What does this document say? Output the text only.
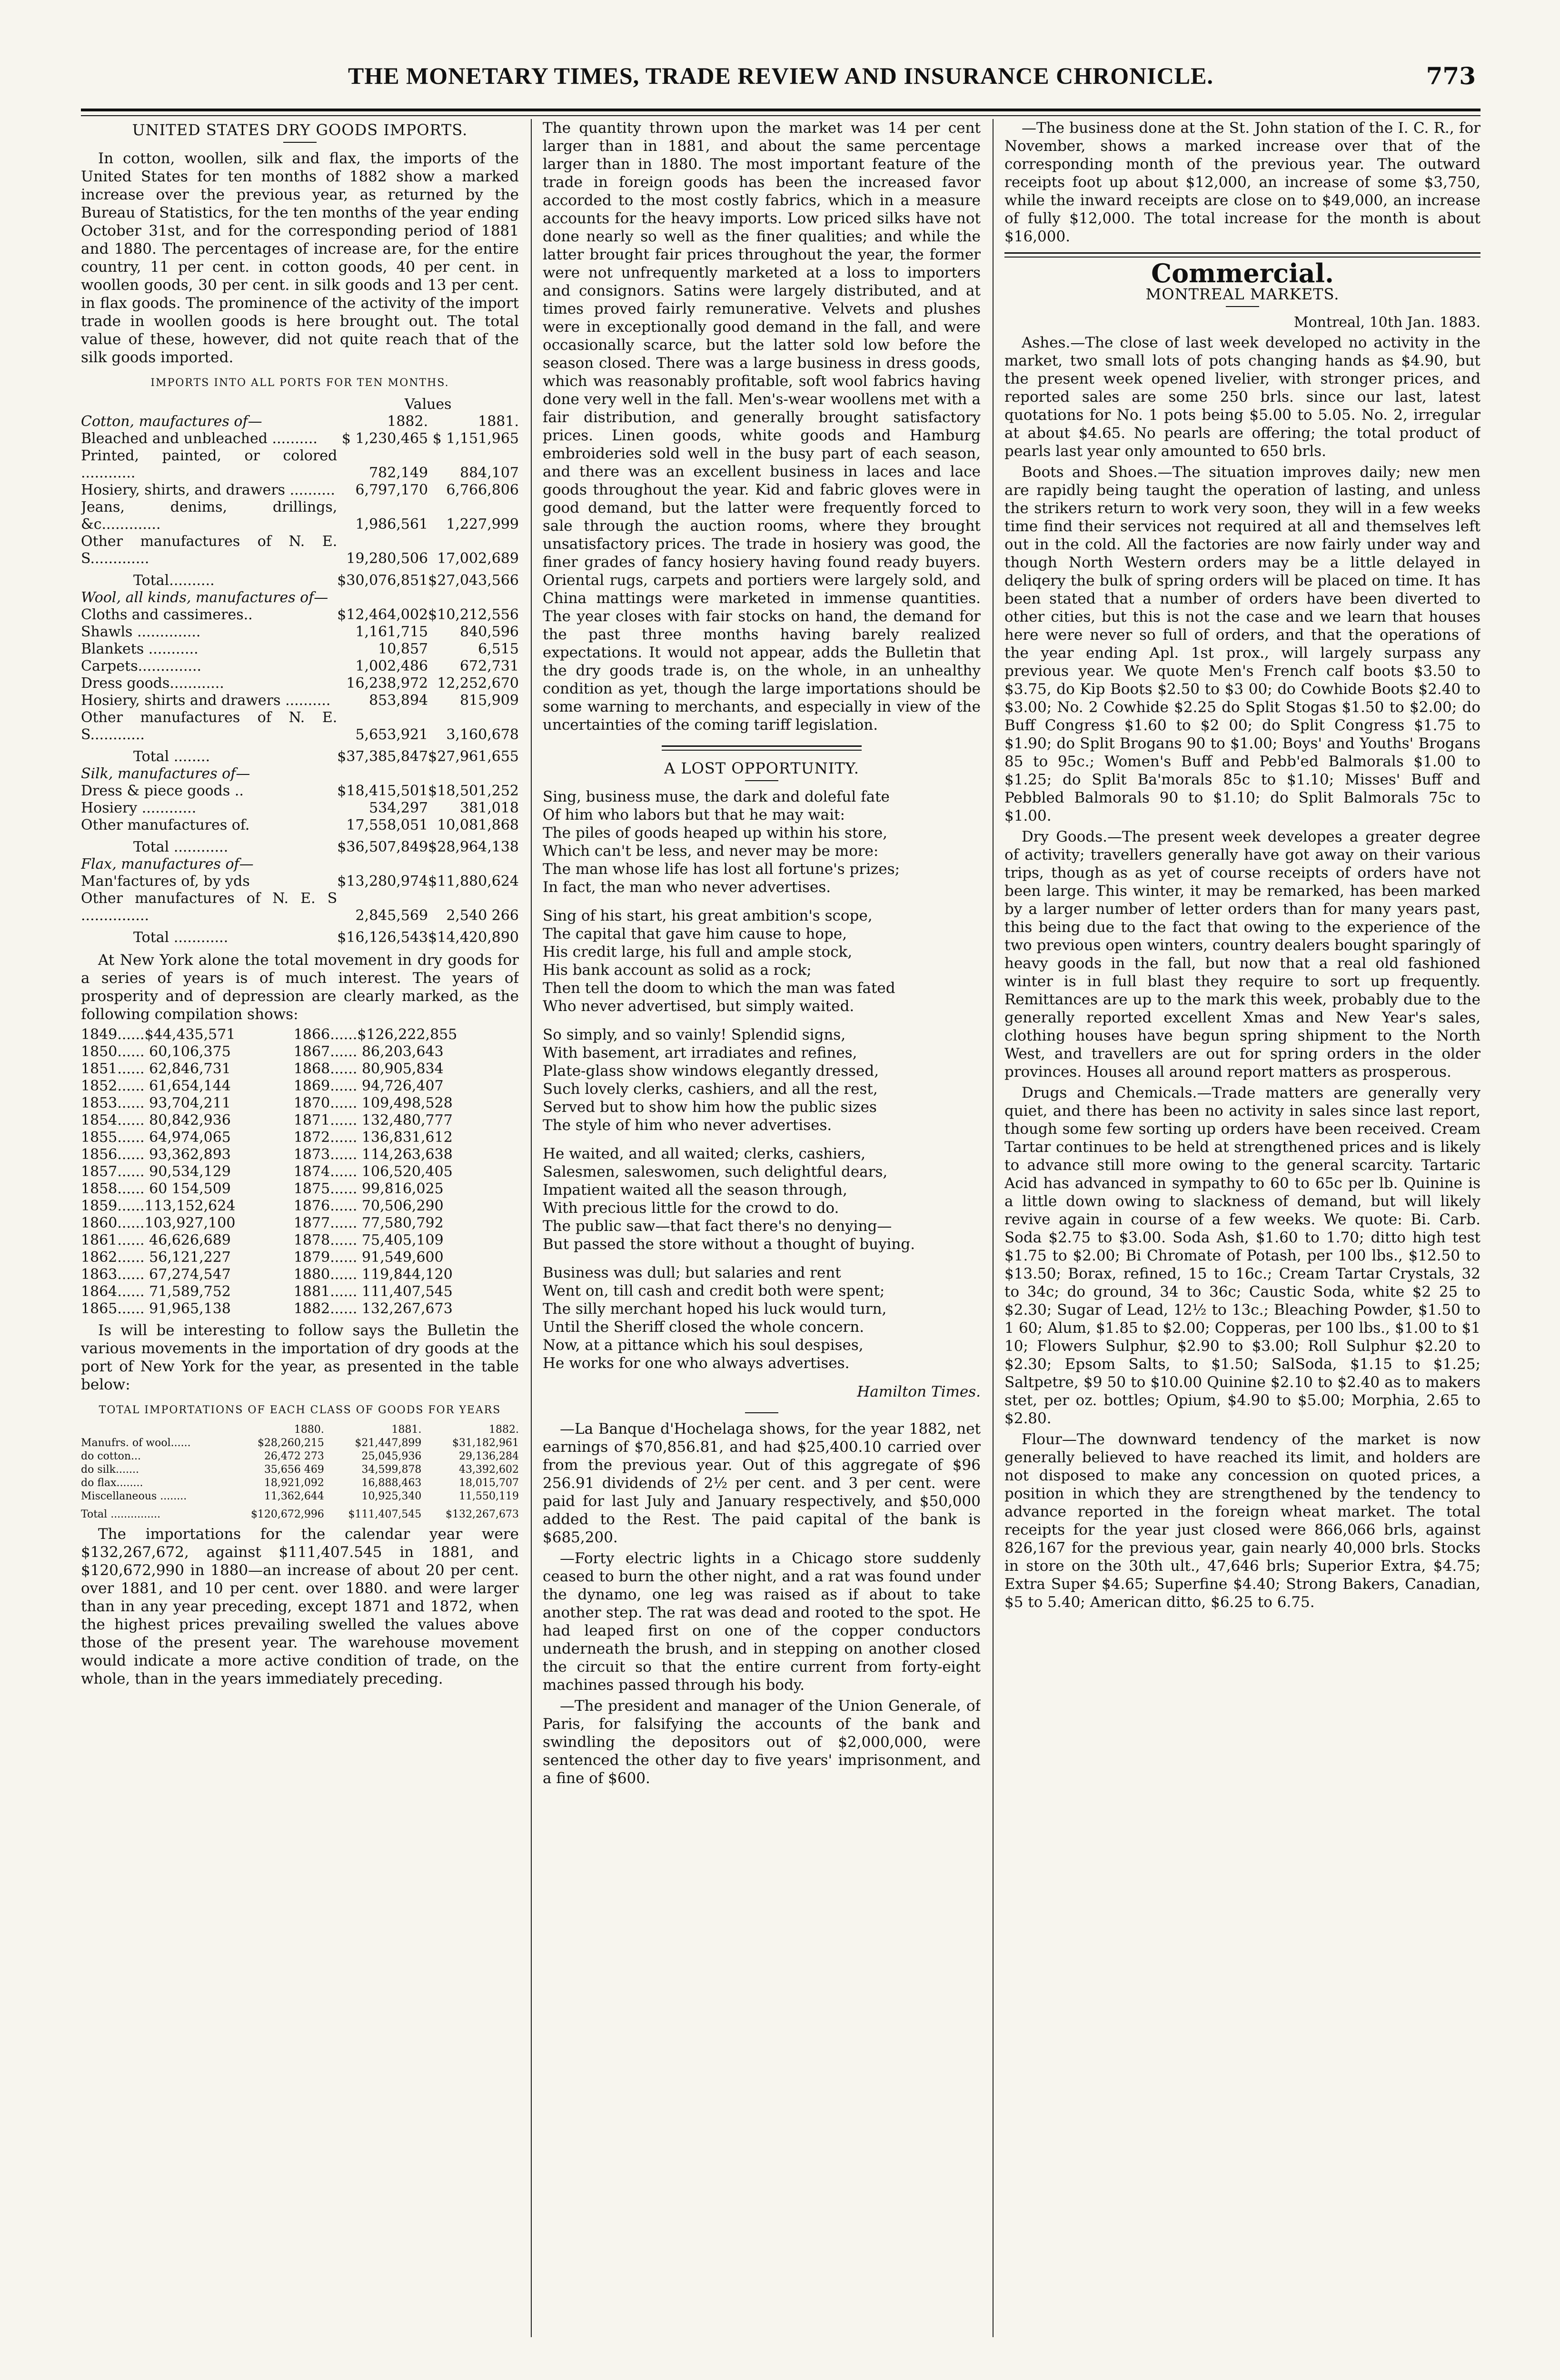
THE MONETARY TIMES, TRADE REVIEW AND INSURANCE CHRONICLE.	773
UNITED STATES DRY GOODS IMPORTS.

In cotton, woollen, silk and flax, the imports of the United States for ten months of 1882 show a marked increase over the previous year, as returned by the Bureau of Statistics, for the ten months of the year ending October 31st, and for the corresponding period of 1881 and 1880. The percentages of increase are, for the entire country, 11 per cent. in cotton goods, 40 per cent. in woollen goods, 30 per cent. in silk goods and 13 per cent. in flax goods. The prominence of the activity of the import trade in woollen goods is here brought out. The total value of these, however, did not quite reach that of the silk goods imported.

IMPORTS INTO ALL PORTS FOR TEN MONTHS.
	Values	
Cotton, maufactures of—	1882.	1881.
Bleached and unbleached ..........	$ 1,230,465	$ 1,151,965
Printed, painted, or colored ............	782,149	884,107
Hosiery, shirts, and drawers ..........	6,797,170	6,766,806
Jeans, denims, drillings, &c.............	1,986,561	1,227,999
Other manufactures of N. E. S.............	19,280,506	17,002,689
Total..........	$30,076,851	$27,043,566
Wool, all kinds, manufactures of—		
Cloths and cassimeres..	$12,464,002	$10,212,556
Shawls ..............	1,161,715	840,596
Blankets ...........	10,857	6,515
Carpets..............	1,002,486	672,731
Dress goods............	16,238,972	12,252,670
Hosiery, shirts and drawers ..........	853,894	815,909
Other manufactures of N. E. S............	5,653,921	3,160,678
Total ........	$37,385,847	$27,961,655
Silk, manufactures of—		
Dress & piece goods ..	$18,415,501	$18,501,252
Hosiery ............	534,297	381,018
Other manufactures of.	17,558,051	10,081,868
Total ............	$36,507,849	$28,964,138
Flax, manufactures of—		
Man'factures of, by yds	$13,280,974	$11,880,624
Other manufactures of N. E. S ...............	2,845,569	2,540 266
Total ............	$16,126,543	$14,420,890

At New York alone the total movement in dry goods for a series of years is of much interest. The years of prosperity and of depression are clearly marked, as the following compilation shows:

1849......$44,435,571	1866......$126,222,855
1850...... 60,106,375	1867...... 86,203,643
1851...... 62,846,731	1868...... 80,905,834
1852...... 61,654,144	1869...... 94,726,407
1853...... 93,704,211	1870...... 109,498,528
1854...... 80,842,936	1871...... 132,480,777
1855...... 64,974,065	1872...... 136,831,612
1856...... 93,362,893	1873...... 114,263,638
1857...... 90,534,129	1874...... 106,520,405
1858...... 60 154,509	1875...... 99,816,025
1859......113,152,624	1876...... 70,506,290
1860......103,927,100	1877...... 77,580,792
1861...... 46,626,689	1878...... 75,405,109
1862...... 56,121,227	1879...... 91,549,600
1863...... 67,274,547	1880...... 119,844,120
1864...... 71,589,752	1881...... 111,407,545
1865...... 91,965,138	1882...... 132,267,673

Is will be interesting to follow says the Bulletin the various movements in the importation of dry goods at the port of New York for the year, as presented in the table below:

TOTAL IMPORTATIONS OF EACH CLASS OF GOODS FOR YEARS
	1880.	1881.	1882.
Manufrs. of wool......	$28,260,215	$21,447,899	$31,182,961
do cotton...	26,472 273	25,045,936	29,136,284
do silk.......	35,656 469	34,599,878	43,392,602
do flax........	18,921,092	16,888,463	18,015,707
Miscellaneous ........	11,362,644	10,925,340	11,550,119
Total ...............	$120,672,996	$111,407,545	$132,267,673

The importations for the calendar year were $132,267,672, against $111,407.545 in 1881, and $120,672,990 in 1880—an increase of about 20 per cent. over 1881, and 10 per cent. over 1880. and were larger than in any year preceding, except 1871 and 1872, when the highest prices prevailing swelled the values above those of the present year. The warehouse movement would indicate a more active condition of trade, on the whole, than in the years immediately preceding.

The quantity thrown upon the market was 14 per cent larger than in 1881, and about the same percentage larger than in 1880. The most important feature of the trade in foreign goods has been the increased favor accorded to the most costly fabrics, which in a measure accounts for the heavy imports. Low priced silks have not done nearly so well as the finer qualities; and while the latter brought fair prices throughout the year, the former were not unfrequently marketed at a loss to importers and consignors. Satins were largely distributed, and at times proved fairly remunerative. Velvets and plushes were in exceptionally good demand in the fall, and were occasionally scarce, but the latter sold low before the season closed. There was a large business in dress goods, which was reasonably profitable, soft wool fabrics having done very well in the fall. Men's-wear woollens met with a fair distribution, and generally brought satisfactory prices. Linen goods, white goods and Hamburg embroideries sold well in the busy part of each season, and there was an excellent business in laces and lace goods throughout the year. Kid and fabric gloves were in good demand, but the latter were frequently forced to sale through the auction rooms, where they brought unsatisfactory prices. The trade in hosiery was good, the finer grades of fancy hosiery having found ready buyers. Oriental rugs, carpets and portiers were largely sold, and China mattings were marketed in immense quantities. The year closes with fair stocks on hand, the demand for the past three months having barely realized expectations. It would not appear, adds the Bulletin that the dry goods trade is, on the whole, in an unhealthy condition as yet, though the large importations should be some warning to merchants, and especially in view of the uncertainties of the coming tariff legislation.

A LOST OPPORTUNITY.
Sing, business muse, the dark and doleful fate
Of him who labors but that he may wait:
The piles of goods heaped up within his store,
Which can't be less, and never may be more:
The man whose life has lost all fortune's prizes;
In fact, the man who never advertises.
Sing of his start, his great ambition's scope,
The capital that gave him cause to hope,
His credit large, his full and ample stock,
His bank account as solid as a rock;
Then tell the doom to which the man was fated
Who never advertised, but simply waited.
So simply, and so vainly! Splendid signs,
With basement, art irradiates and refines,
Plate-glass show windows elegantly dressed,
Such lovely clerks, cashiers, and all the rest,
Served but to show him how the public sizes
The style of him who never advertises.
He waited, and all waited; clerks, cashiers,
Salesmen, saleswomen, such delightful dears,
Impatient waited all the season through,
With precious little for the crowd to do.
The public saw—that fact there's no denying—
But passed the store without a thought of buying.
Business was dull; but salaries and rent
Went on, till cash and credit both were spent;
The silly merchant hoped his luck would turn,
Until the Sheriff closed the whole concern.
Now, at a pittance which his soul despises,
He works for one who always advertises.
Hamilton Times.

—La Banque d'Hochelaga shows, for the year 1882, net earnings of $70,856.81, and had $25,400.10 carried over from the previous year. Out of this aggregate of $96 256.91 dividends of 2½ per cent. and 3 per cent. were paid for last July and January respectively, and $50,000 added to the Rest. The paid capital of the bank is $685,200.

—Forty electric lights in a Chicago store suddenly ceased to burn the other night, and a rat was found under the dynamo, one leg was raised as if about to take another step. The rat was dead and rooted to the spot. He had leaped first on one of the copper conductors underneath the brush, and in stepping on another closed the circuit so that the entire current from forty-eight machines passed through his body.

—The president and manager of the Union Generale, of Paris, for falsifying the accounts of the bank and swindling the depositors out of $2,000,000, were sentenced the other day to five years' imprisonment, and a fine of $600.

—The business done at the St. John station of the I. C. R., for November, shows a marked increase over that of the corresponding month of the previous year. The outward receipts foot up about $12,000, an increase of some $3,750, while the inward receipts are close on to $49,000, an increase of fully $12,000. The total increase for the month is about $16,000.

Commercial.
MONTREAL MARKETS.
Montreal, 10th Jan. 1883.

Ashes.—The close of last week developed no activity in the market, two small lots of pots changing hands as $4.90, but the present week opened livelier, with stronger prices, and reported sales are some 250 brls. since our last, latest quotations for No. 1 pots being $5.00 to 5.05. No. 2, irregular at about $4.65. No pearls are offering; the total product of pearls last year only amounted to 650 brls.

Boots and Shoes.—The situation improves daily; new men are rapidly being taught the operation of lasting, and unless the strikers return to work very soon, they will in a few weeks time find their services not required at all and themselves left out in the cold. All the factories are now fairly under way and though North Western orders may be a little delayed in deliqery the bulk of spring orders will be placed on time. It has been stated that a number of orders have been diverted to other cities, but this is not the case and we learn that houses here were never so full of orders, and that the operations of the year ending Apl. 1st prox., will largely surpass any previous year. We quote Men's French calf boots $3.50 to $3.75, do Kip Boots $2.50 to $3 00; do Cowhide Boots $2.40 to $3.00; No. 2 Cowhide $2.25 do Split Stogas $1.50 to $2.00; do Buff Congress $1.60 to $2 00; do Split Congress $1.75 to $1.90; do Split Brogans 90 to $1.00; Boys' and Youths' Brogans 85 to 95c.; Women's Buff and Pebb'ed Balmorals $1.00 to $1.25; do Split Ba'morals 85c to $1.10; Misses' Buff and Pebbled Balmorals 90 to $1.10; do Split Balmorals 75c to $1.00.

Dry Goods.—The present week developes a greater degree of activity; travellers generally have got away on their various trips, though as as yet of course receipts of orders have not been large. This winter, it may be remarked, has been marked by a larger number of letter orders than for many years past, this being due to the fact that owing to the experience of the two previous open winters, country dealers bought sparingly of heavy goods in the fall, but now that a real old fashioned winter is in full blast they require to sort up frequently. Remittances are up to the mark this week, probably due to the generally reported excellent Xmas and New Year's sales, clothing houses have begun spring shipment to the North West, and travellers are out for spring orders in the older provinces. Houses all around report matters as prosperous.

Drugs and Chemicals.—Trade matters are generally very quiet, and there has been no activity in sales since last report, though some few sorting up orders have been received. Cream Tartar continues to be held at strengthened prices and is likely to advance still more owing to the general scarcity. Tartaric Acid has advanced in sympathy to 60 to 65c per lb. Quinine is a little down owing to slackness of demand, but will likely revive again in course of a few weeks. We quote: Bi. Carb. Soda $2.75 to $3.00. Soda Ash, $1.60 to 1.70; ditto high test $1.75 to $2.00; Bi Chromate of Potash, per 100 lbs., $12.50 to $13.50; Borax, refined, 15 to 16c.; Cream Tartar Crystals, 32 to 34c; do ground, 34 to 36c; Caustic Soda, white $2 25 to $2.30; Sugar of Lead, 12½ to 13c.; Bleaching Powder, $1.50 to 1 60; Alum, $1.85 to $2.00; Copperas, per 100 lbs., $1.00 to $1 10; Flowers Sulphur, $2.90 to $3.00; Roll Sulphur $2.20 to $2.30; Epsom Salts, to $1.50; SalSoda, $1.15 to $1.25; Saltpetre, $9 50 to $10.00 Quinine $2.10 to $2.40 as to makers stet, per oz. bottles; Opium, $4.90 to $5.00; Morphia, 2.65 to $2.80.

Flour—The downward tendency of the market is now generally believed to have reached its limit, and holders are not disposed to make any concession on quoted prices, a position in which they are strengthened by the tendency to advance reported in the foreign wheat market. The total receipts for the year just closed were 866,066 brls, against 826,167 for the previous year, gain nearly 40,000 brls. Stocks in store on the 30th ult., 47,646 brls; Superior Extra, $4.75; Extra Super $4.65; Superfine $4.40; Strong Bakers, Canadian, $5 to 5.40; American ditto, $6.25 to 6.75.
